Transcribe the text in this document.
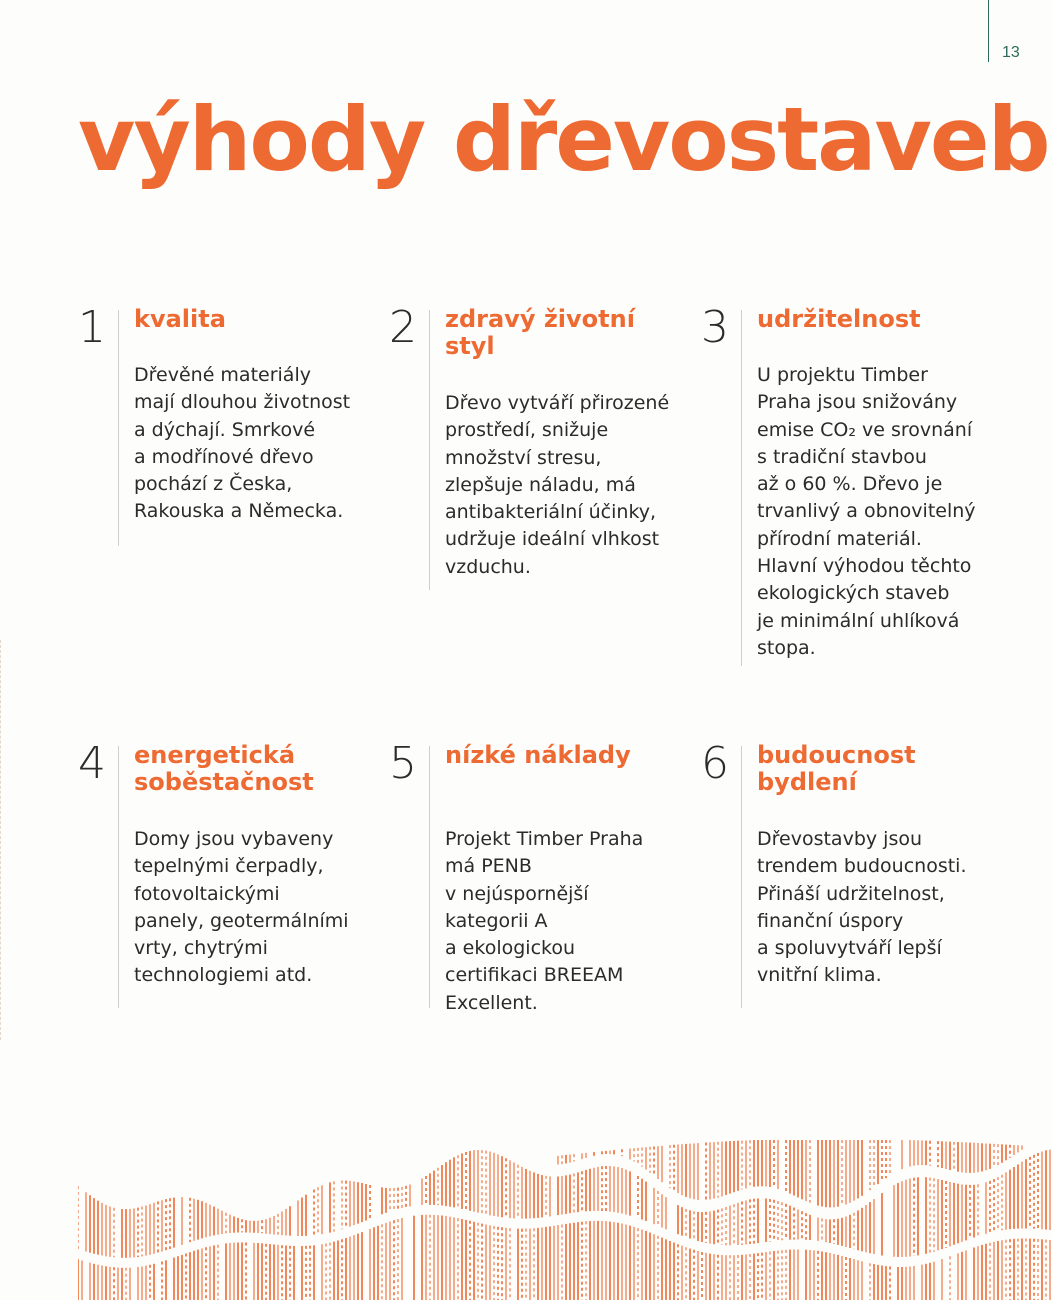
13
výhody dřevostaveb
1 kvalita
Dřevěné materiály
mají dlouhou životnost
a dýchají. Smrkové
a modřínové dřevo
pochází z Česka,
Rakouska a Německa.
2 zdravý životní
styl
Dřevo vytváří přirozené
prostředí, snižuje
množství stresu,
zlepšuje náladu, má
antibakteriální účinky,
udržuje ideální vlhkost
vzduchu.
3 udržitelnost
U projektu Timber
Praha jsou snižovány
emise CO₂ ve srovnání
s tradiční stavbou
až o 60 %. Dřevo je
trvanlivý a obnovitelný
přírodní materiál.
Hlavní výhodou těchto
ekologických staveb
je minimální uhlíková
stopa.
4 energetická
soběstačnost
Domy jsou vybaveny
tepelnými čerpadly,
fotovoltaickými
panely, geotermálními
vrty, chytrými
technologiemi atd.
5 nízké náklady
Projekt Timber Praha
má PENB
v nejúspornější
kategorii A
a ekologickou
certifikaci BREEAM
Excellent.
6 budoucnost
bydlení
Dřevostavby jsou
trendem budoucnosti.
Přináší udržitelnost,
finanční úspory
a spoluvytváří lepší
vnitřní klima.
